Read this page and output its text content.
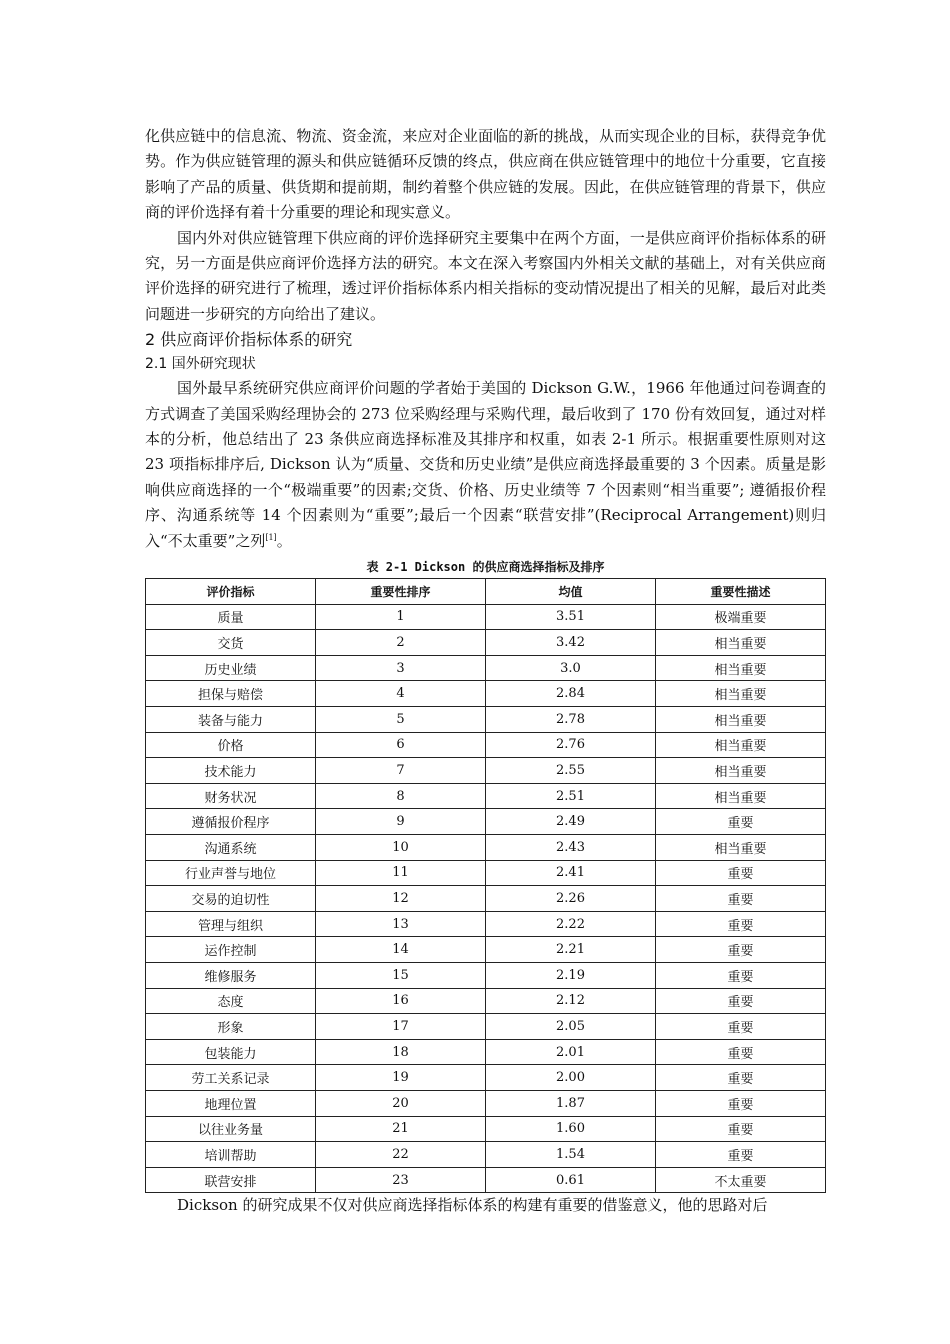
化供应链中的信息流、物流、资金流，来应对企业面临的新的挑战，从而实现企业的目标，获得竞争优势。作为供应链管理的源头和供应链循环反馈的终点，供应商在供应链管理中的地位十分重要，它直接影响了产品的质量、供货期和提前期，制约着整个供应链的发展。因此，在供应链管理的背景下，供应商的评价选择有着十分重要的理论和现实意义。

国内外对供应链管理下供应商的评价选择研究主要集中在两个方面，一是供应商评价指标体系的研究，另一方面是供应商评价选择方法的研究。本文在深入考察国内外相关文献的基础上，对有关供应商评价选择的研究进行了梳理，透过评价指标体系内相关指标的变动情况提出了相关的见解，最后对此类问题进一步研究的方向给出了建议。

2 供应商评价指标体系的研究
2.1 国外研究现状

国外最早系统研究供应商评价问题的学者始于美国的 Dickson G.W.，1966 年他通过问卷调查的方式调查了美国采购经理协会的 273 位采购经理与采购代理，最后收到了 170 份有效回复，通过对样本的分析，他总结出了 23 条供应商选择标准及其排序和权重，如表 2-1 所示。根据重要性原则对这 23 项指标排序后, Dickson 认为“质量、交货和历史业绩”是供应商选择最重要的 3 个因素。质量是影响供应商选择的一个“极端重要”的因素;交货、价格、历史业绩等 7 个因素则“相当重要”; 遵循报价程序、沟通系统等 14 个因素则为“重要”;最后一个因素“联营安排”(Reciprocal Arrangement)则归入“不太重要”之列[1]。

表 2-1 Dickson 的供应商选择指标及排序

评价指标	重要性排序	均值	重要性描述
质量	1	3.51	极端重要
交货	2	3.42	相当重要
历史业绩	3	3.0	相当重要
担保与赔偿	4	2.84	相当重要
装备与能力	5	2.78	相当重要
价格	6	2.76	相当重要
技术能力	7	2.55	相当重要
财务状况	8	2.51	相当重要
遵循报价程序	9	2.49	重要
沟通系统	10	2.43	相当重要
行业声誉与地位	11	2.41	重要
交易的迫切性	12	2.26	重要
管理与组织	13	2.22	重要
运作控制	14	2.21	重要
维修服务	15	2.19	重要
态度	16	2.12	重要
形象	17	2.05	重要
包装能力	18	2.01	重要
劳工关系记录	19	2.00	重要
地理位置	20	1.87	重要
以往业务量	21	1.60	重要
培训帮助	22	1.54	重要
联营安排	23	0.61	不太重要

Dickson 的研究成果不仅对供应商选择指标体系的构建有重要的借鉴意义，他的思路对后
